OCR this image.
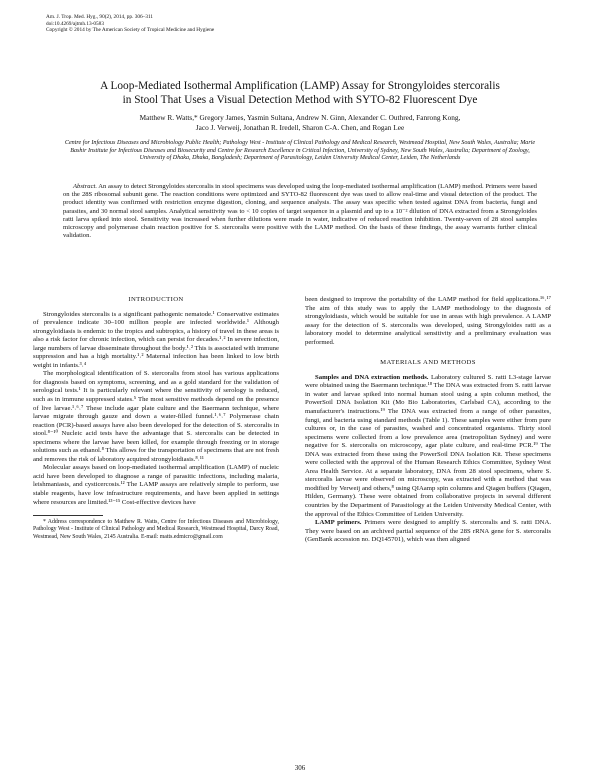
Am. J. Trop. Med. Hyg., 90(2), 2014, pp. 306–311
doi:10.4269/ajtmh.13-0583
Copyright © 2014 by The American Society of Tropical Medicine and Hygiene
A Loop-Mediated Isothermal Amplification (LAMP) Assay for Strongyloides stercoralis
in Stool That Uses a Visual Detection Method with SYTO-82 Fluorescent Dye
Matthew R. Watts,* Gregory James, Yasmin Sultana, Andrew N. Ginn, Alexander C. Outhred, Fanrong Kong,
Jaco J. Verweij, Jonathan R. Iredell, Sharon C-A. Chen, and Rogan Lee
Centre for Infectious Diseases and Microbiology Public Health; Pathology West - Institute of Clinical Pathology and Medical Research, Westmead Hospital, New South Wales, Australia; Marie Bashir Institute for Infectious Diseases and Biosecurity and Centre for Research Excellence in Critical Infection, University of Sydney, New South Wales, Australia; Department of Zoology, University of Dhaka, Dhaka, Bangladesh; Department of Parasitology, Leiden University Medical Center, Leiden, The Netherlands
Abstract. An assay to detect Strongyloides stercoralis in stool specimens was developed using the loop-mediated isothermal amplification (LAMP) method. Primers were based on the 28S ribosomal subunit gene. The reaction conditions were optimized and SYTO-82 fluorescent dye was used to allow real-time and visual detection of the product. The product identity was confirmed with restriction enzyme digestion, cloning, and sequence analysis. The assay was specific when tested against DNA from bacteria, fungi and parasites, and 30 normal stool samples. Analytical sensitivity was to < 10 copies of target sequence in a plasmid and up to a 10⁻² dilution of DNA extracted from a Strongyloides ratti larva spiked into stool. Sensitivity was increased when further dilutions were made in water, indicative of reduced reaction inhibition. Twenty-seven of 28 stool samples microscopy and polymerase chain reaction positive for S. stercoralis were positive with the LAMP method. On the basis of these findings, the assay warrants further clinical validation.
INTRODUCTION

Strongyloides stercoralis is a significant pathogenic nematode.¹ Conservative estimates of prevalence indicate 30–100 million people are infected worldwide.¹ Although strongyloidiasis is endemic to the tropics and subtropics, a history of travel in these areas is also a risk factor for chronic infection, which can persist for decades.¹˒² In severe infection, large numbers of larvae disseminate throughout the body.¹˒² This is associated with immune suppression and has a high mortality.¹˒² Maternal infection has been linked to low birth weight in infants.³˒⁴

The morphological identification of S. stercoralis from stool has various applications for diagnosis based on symptoms, screening, and as a gold standard for the validation of serological tests.¹ It is particularly relevant where the sensitivity of serology is reduced, such as in immune suppressed states.⁵ The most sensitive methods depend on the presence of live larvae.¹˒⁶˒⁷ These include agar plate culture and the Baermann technique, where larvae migrate through gauze and down a water-filled funnel.¹˒⁶˒⁷ Polymerase chain reaction (PCR)-based assays have also been developed for the detection of S. stercoralis in stool.⁸⁻¹⁰ Nucleic acid tests have the advantage that S. stercoralis can be detected in specimens where the larvae have been killed, for example through freezing or in storage solutions such as ethanol.⁸ This allows for the transportation of specimens that are not fresh and removes the risk of laboratory acquired strongyloidiasis.⁸˒¹¹

Molecular assays based on loop-mediated isothermal amplification (LAMP) of nucleic acid have been developed to diagnose a range of parasitic infections, including malaria, leishmaniasis, and cysticercosis.¹² The LAMP assays are relatively simple to perform, use stable reagents, have low infrastructure requirements, and have been applied in settings where resources are limited.¹³⁻¹⁵ Cost-effective devices have

* Address correspondence to Matthew R. Watts, Centre for Infectious Diseases and Microbiology, Pathology West - Institute of Clinical Pathology and Medical Research, Westmead Hospital, Darcy Road, Westmead, New South Wales, 2145 Australia. E-mail: matts.edmicro@gmail.com

been designed to improve the portability of the LAMP method for field applications.¹⁶˒¹⁷ The aim of this study was to apply the LAMP methodology to the diagnosis of strongyloidiasis, which would be suitable for use in areas with high prevalence. A LAMP assay for the detection of S. stercoralis was developed, using Strongyloides ratti as a laboratory model to determine analytical sensitivity and a preliminary evaluation was performed.

MATERIALS AND METHODS

Samples and DNA extraction methods. Laboratory cultured S. ratti L3-stage larvae were obtained using the Baermann technique.¹⁸ The DNA was extracted from S. ratti larvae in water and larvae spiked into normal human stool using a spin column method, the PowerSoil DNA Isolation Kit (Mo Bio Laboratories, Carlsbad CA), according to the manufacturer's instructions.¹⁹ The DNA was extracted from a range of other parasites, fungi, and bacteria using standard methods (Table 1). These samples were either from pure cultures or, in the case of parasites, washed and concentrated organisms. Thirty stool specimens were collected from a low prevalence area (metropolitan Sydney) and were negative for S. stercoralis on microscopy, agar plate culture, and real-time PCR.¹⁹ The DNA was extracted from these using the PowerSoil DNA Isolation Kit. These specimens were collected with the approval of the Human Research Ethics Committee, Sydney West Area Health Service. At a separate laboratory, DNA from 28 stool specimens, where S. stercoralis larvae were observed on microscopy, was extracted with a method that was modified by Verweij and others,⁸ using QIAamp spin columns and Qiagen buffers (Qiagen, Hilden, Germany). These were obtained from collaborative projects in several different countries by the Department of Parasitology at the Leiden University Medical Center, with the approval of the Ethics Committee of Leiden University.

LAMP primers. Primers were designed to amplify S. stercoralis and S. ratti DNA. They were based on an archived partial sequence of the 28S rRNA gene for S. stercoralis (GenBank accession no. DQ145701), which was then aligned

306
